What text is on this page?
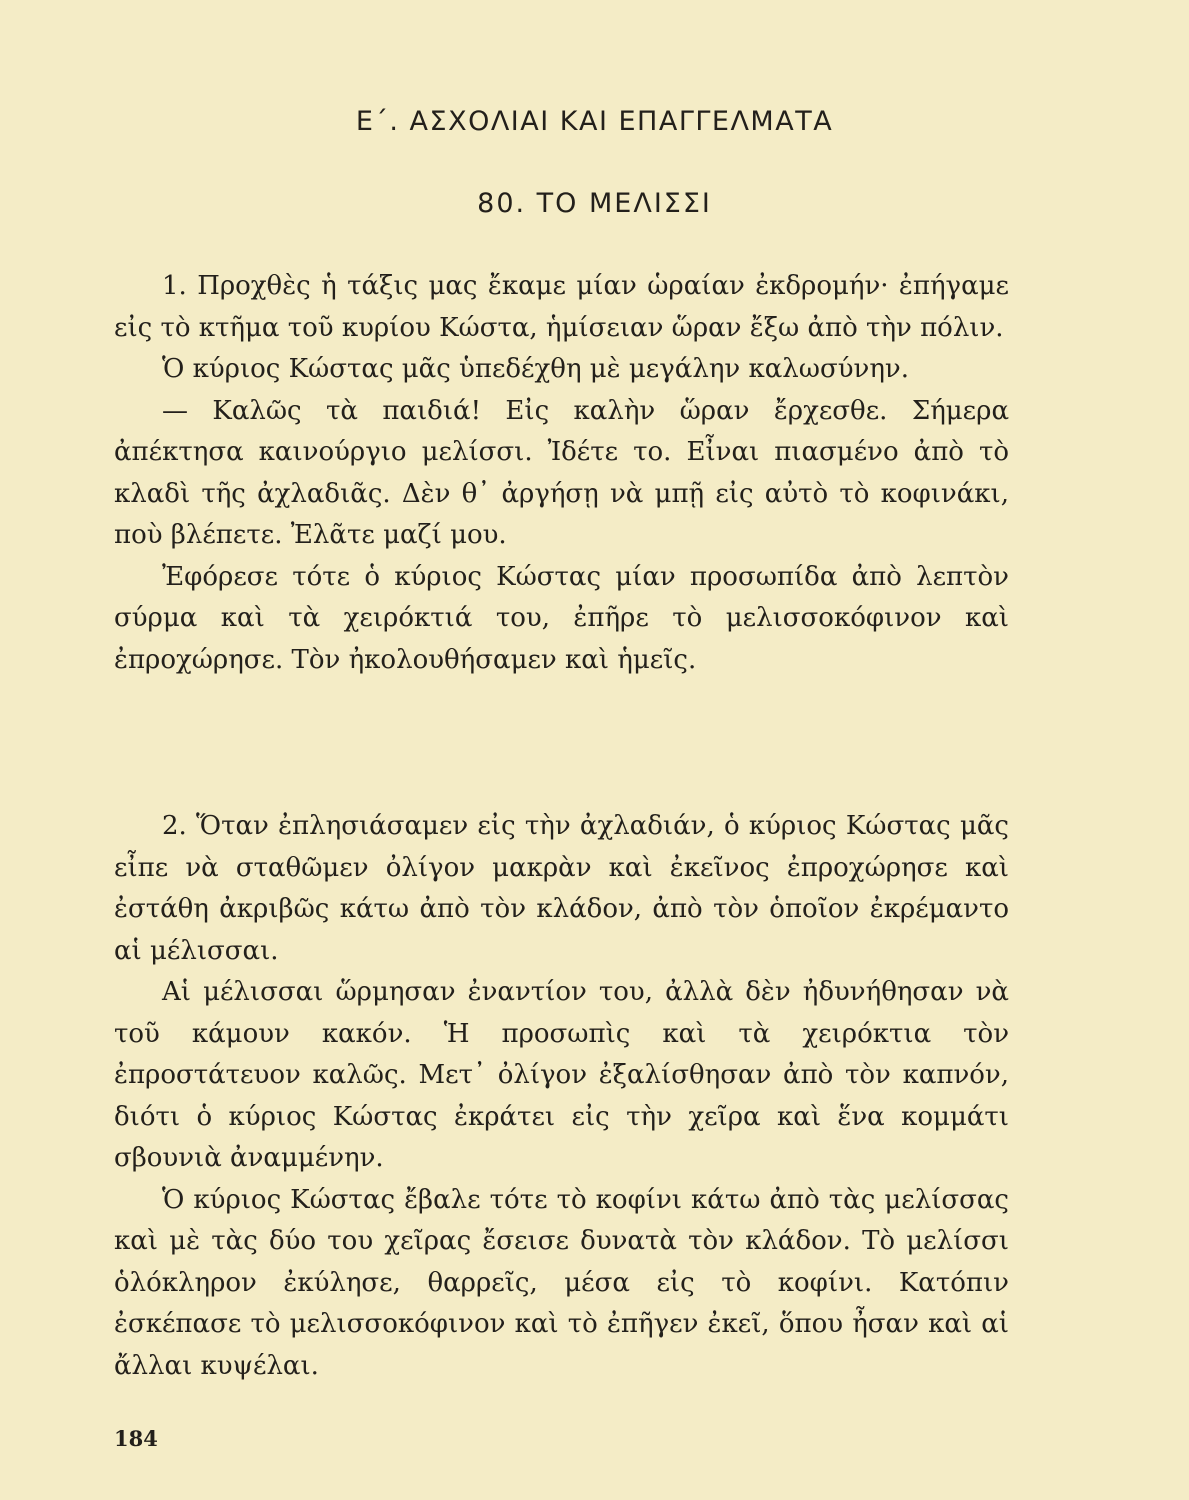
Ε΄. ΑΣΧΟΛΙΑΙ ΚΑΙ ΕΠΑΓΓΕΛΜΑΤΑ
80. ΤΟ ΜΕΛΙΣΣΙ

1. Προχθὲς ἡ τάξις μας ἔκαμε μίαν ὡραίαν ἐκδρομήν· ἐπήγαμε εἰς τὸ κτῆμα τοῦ κυρίου Κώστα, ἡμίσειαν ὥραν ἔξω ἀπὸ τὴν πόλιν.

Ὁ κύριος Κώστας μᾶς ὑπεδέχθη μὲ μεγάλην καλωσύνην.

— Καλῶς τὰ παιδιά! Εἰς καλὴν ὥραν ἔρχεσθε. Σήμερα ἀπέκτησα καινούργιο μελίσσι. Ἰδέτε το. Εἶναι πιασμένο ἀπὸ τὸ κλαδὶ τῆς ἀχλαδιᾶς. Δὲν θ᾽ ἀργήσῃ νὰ μπῇ εἰς αὐτὸ τὸ κοφινάκι, ποὺ βλέπετε. Ἐλᾶτε μαζί μου.

Ἐφόρεσε τότε ὁ κύριος Κώστας μίαν προσωπίδα ἀπὸ λεπτὸν σύρμα καὶ τὰ χειρόκτιά του, ἐπῆρε τὸ μελισσοκόφινον καὶ ἐπροχώρησε. Τὸν ἠκολουθήσαμεν καὶ ἡμεῖς.

2. Ὅταν ἐπλησιάσαμεν εἰς τὴν ἀχλαδιάν, ὁ κύριος Κώστας μᾶς εἶπε νὰ σταθῶμεν ὀλίγον μακρὰν καὶ ἐκεῖνος ἐπροχώρησε καὶ ἐστάθη ἀκριβῶς κάτω ἀπὸ τὸν κλάδον, ἀπὸ τὸν ὁποῖον ἐκρέμαντο αἱ μέλισσαι.

Αἱ μέλισσαι ὥρμησαν ἐναντίον του, ἀλλὰ δὲν ἠδυνήθησαν νὰ τοῦ κάμουν κακόν. Ἡ προσωπὶς καὶ τὰ χειρόκτια τὸν ἐπροστάτευον καλῶς. Μετ᾽ ὀλίγον ἐξαλίσθησαν ἀπὸ τὸν καπνόν, διότι ὁ κύριος Κώστας ἐκράτει εἰς τὴν χεῖρα καὶ ἕνα κομμάτι σβουνιὰ ἀναμμένην.

Ὁ κύριος Κώστας ἔβαλε τότε τὸ κοφίνι κάτω ἀπὸ τὰς μελίσσας καὶ μὲ τὰς δύο του χεῖρας ἔσεισε δυνατὰ τὸν κλάδον. Τὸ μελίσσι ὁλόκληρον ἐκύλησε, θαρρεῖς, μέσα εἰς τὸ κοφίνι. Κατόπιν ἐσκέπασε τὸ μελισσοκόφινον καὶ τὸ ἐπῆγεν ἐκεῖ, ὅπου ἦσαν καὶ αἱ ἄλλαι κυψέλαι.

184
